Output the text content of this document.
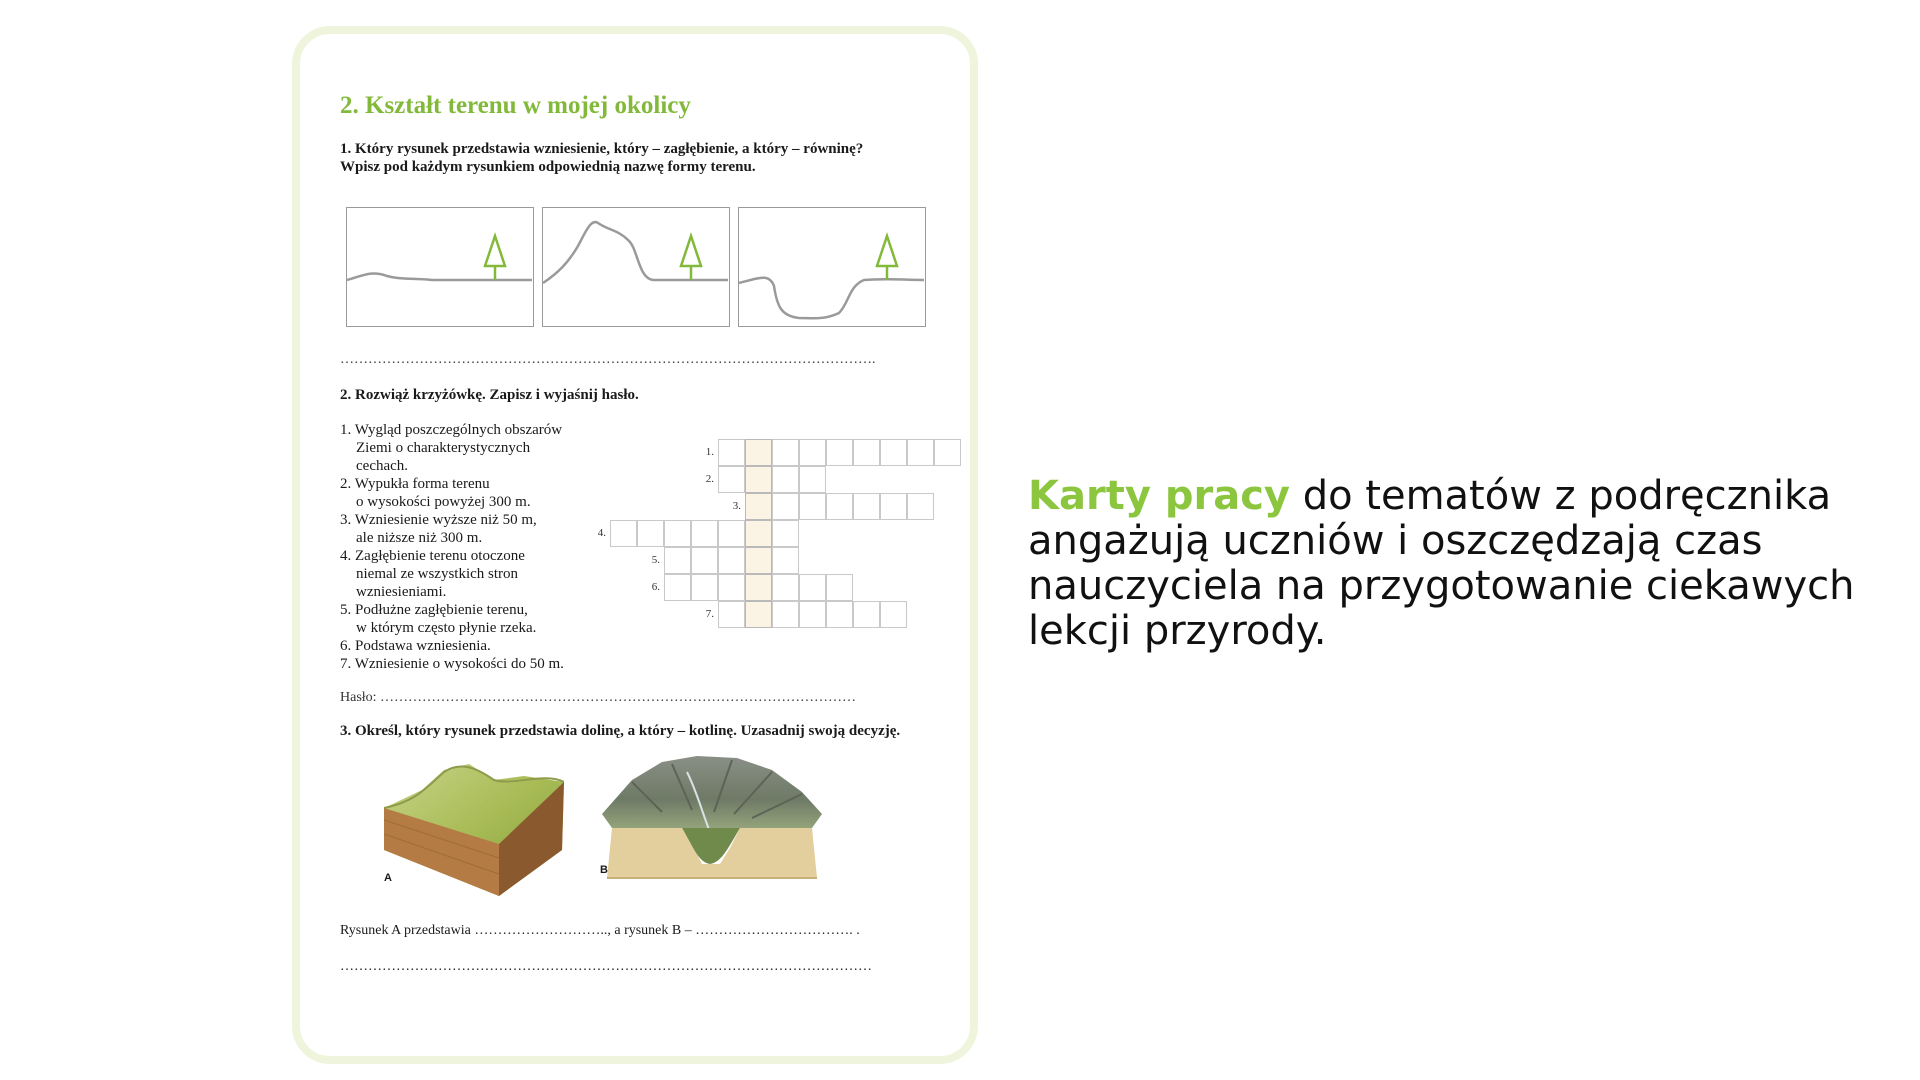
2. Kształt terenu w mojej okolicy
1. Który rysunek przedstawia wzniesienie, który – zagłębienie, a który – równinę?
Wpisz pod każdym rysunkiem odpowiednią nazwę formy terenu.
…………………………………………………………………………………………………….
2. Rozwiąż krzyżówkę. Zapisz i wyjaśnij hasło.
1. Wygląd poszczególnych obszarów
Ziemi o charakterystycznych
cechach.
2. Wypukła forma terenu
o wysokości powyżej 300 m.
3. Wzniesienie wyższe niż 50 m,
ale niższe niż 300 m.
4. Zagłębienie terenu otoczone
niemal ze wszystkich stron
wzniesieniami.
5. Podłużne zagłębienie terenu,
w którym często płynie rzeka.
6. Podstawa wzniesienia.
7. Wzniesienie o wysokości do 50 m.
1.
2.
3.
4.
5.
6.
7.
Hasło: …………………………………………………………………………………………
3. Określ, który rysunek przedstawia dolinę, a który – kotlinę. Uzasadnij swoją decyzję.
A
B
Rysunek A przedstawia ……………………….., a rysunek B – ……………………………. .
……………………………………………………………………………………………………
Karty pracy do tematów z podręcznika angażują uczniów i oszczędzają czas nauczyciela na przygotowanie ciekawych lekcji przyrody.
